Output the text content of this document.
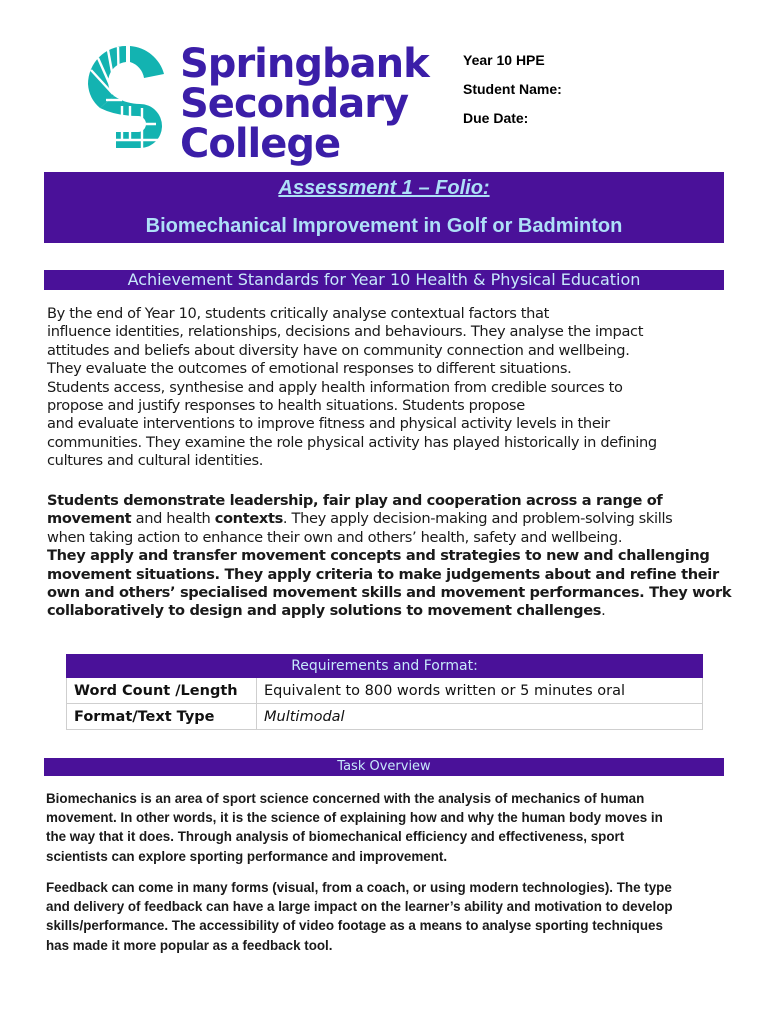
Springbank
Secondary
College
Year 10 HPE
Student Name:
Due Date:
Assessment 1 – Folio:
Biomechanical Improvement in Golf or Badminton
Achievement Standards for Year 10 Health & Physical Education
By the end of Year 10, students critically analyse contextual factors that
influence identities, relationships, decisions and behaviours. They analyse the impact
attitudes and beliefs about diversity have on community connection and wellbeing.
They evaluate the outcomes of emotional responses to different situations.
Students access, synthesise and apply health information from credible sources to
propose and justify responses to health situations. Students propose
and evaluate interventions to improve fitness and physical activity levels in their
communities. They examine the role physical activity has played historically in defining
cultures and cultural identities.
Students demonstrate leadership, fair play and cooperation across a range of
movement and health contexts. They apply decision-making and problem-solving skills
when taking action to enhance their own and others’ health, safety and wellbeing.
They apply and transfer movement concepts and strategies to new and challenging
movement situations. They apply criteria to make judgements about and refine their
own and others’ specialised movement skills and movement performances. They work
collaboratively to design and apply solutions to movement challenges.
Requirements and Format:	
Word Count /Length	Equivalent to 800 words written or 5 minutes oral
Format/Text Type	Multimodal
Task Overview
Biomechanics is an area of sport science concerned with the analysis of mechanics of human
movement. In other words, it is the science of explaining how and why the human body moves in
the way that it does. Through analysis of biomechanical efficiency and effectiveness, sport
scientists can explore sporting performance and improvement.
Feedback can come in many forms (visual, from a coach, or using modern technologies). The type
and delivery of feedback can have a large impact on the learner’s ability and motivation to develop
skills/performance. The accessibility of video footage as a means to analyse sporting techniques
has made it more popular as a feedback tool.
